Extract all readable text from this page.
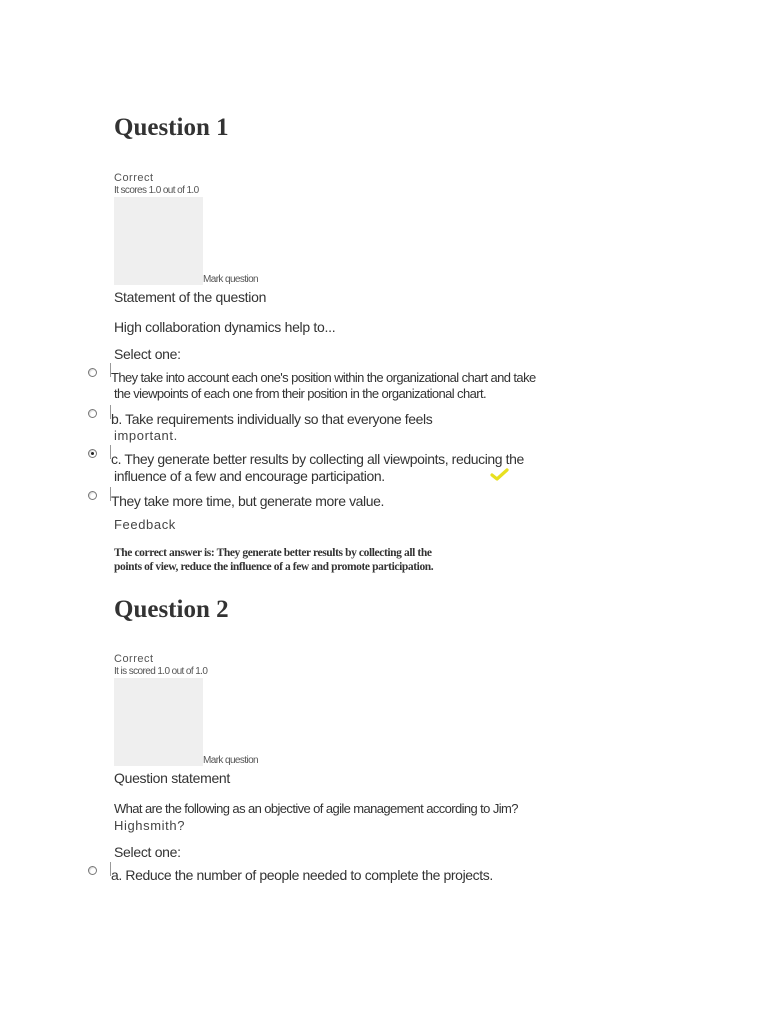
Question 1
Correct
It scores 1.0 out of 1.0
Mark question
Statement of the question
High collaboration dynamics help to...
Select one:
They take into account each one's position within the organizational chart and take
the viewpoints of each one from their position in the organizational chart.
b. Take requirements individually so that everyone feels
important.
c. They generate better results by collecting all viewpoints, reducing the
influence of a few and encourage participation.
They take more time, but generate more value.
Feedback
The correct answer is: They generate better results by collecting all the
points of view, reduce the influence of a few and promote participation.
Question 2
Correct
It is scored 1.0 out of 1.0
Mark question
Question statement
What are the following as an objective of agile management according to Jim?
Highsmith?
Select one:
a. Reduce the number of people needed to complete the projects.
